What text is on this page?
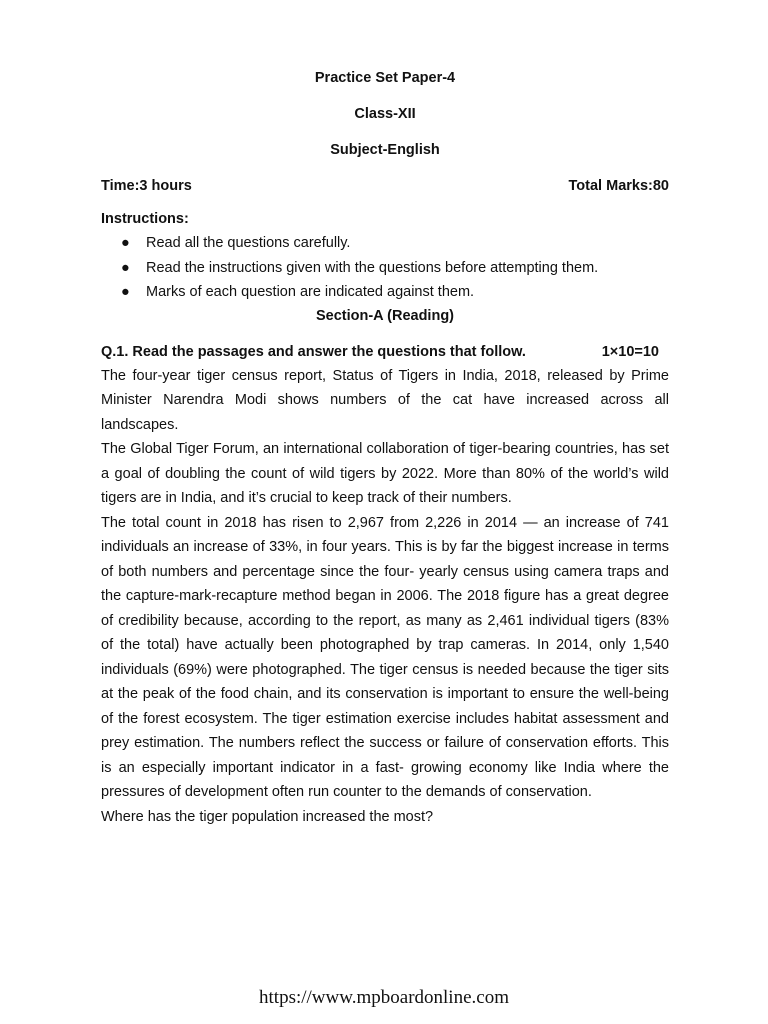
Practice Set Paper-4
Class-XII
Subject-English
Time:3 hours	Total Marks:80
Instructions:
● Read all the questions carefully.
● Read the instructions given with the questions before attempting them.
● Marks of each question are indicated against them.
Section-A (Reading)
Q.1. Read the passages and answer the questions that follow.	1×10=10

The four-year tiger census report, Status of Tigers in India, 2018, released by Prime Minister Narendra Modi shows numbers of the cat have increased across all landscapes.

The Global Tiger Forum, an international collaboration of tiger-bearing countries, has set a goal of doubling the count of wild tigers by 2022. More than 80% of the world’s wild tigers are in India, and it’s crucial to keep track of their numbers.

The total count in 2018 has risen to 2,967 from 2,226 in 2014 — an increase of 741 individuals an increase of 33%, in four years. This is by far the biggest increase in terms of both numbers and percentage since the four- yearly census using camera traps and the capture-mark-recapture method began in 2006. The 2018 figure has a great degree of credibility because, according to the report, as many as 2,461 individual tigers (83% of the total) have actually been photographed by trap cameras. In 2014, only 1,540 individuals (69%) were photographed. The tiger census is needed because the tiger sits at the peak of the food chain, and its conservation is important to ensure the well-being of the forest ecosystem. The tiger estimation exercise includes habitat assessment and prey estimation. The numbers reflect the success or failure of conservation efforts. This is an especially important indicator in a fast- growing economy like India where the pressures of development often run counter to the demands of conservation.

Where has the tiger population increased the most?

https://www.mpboardonline.com
